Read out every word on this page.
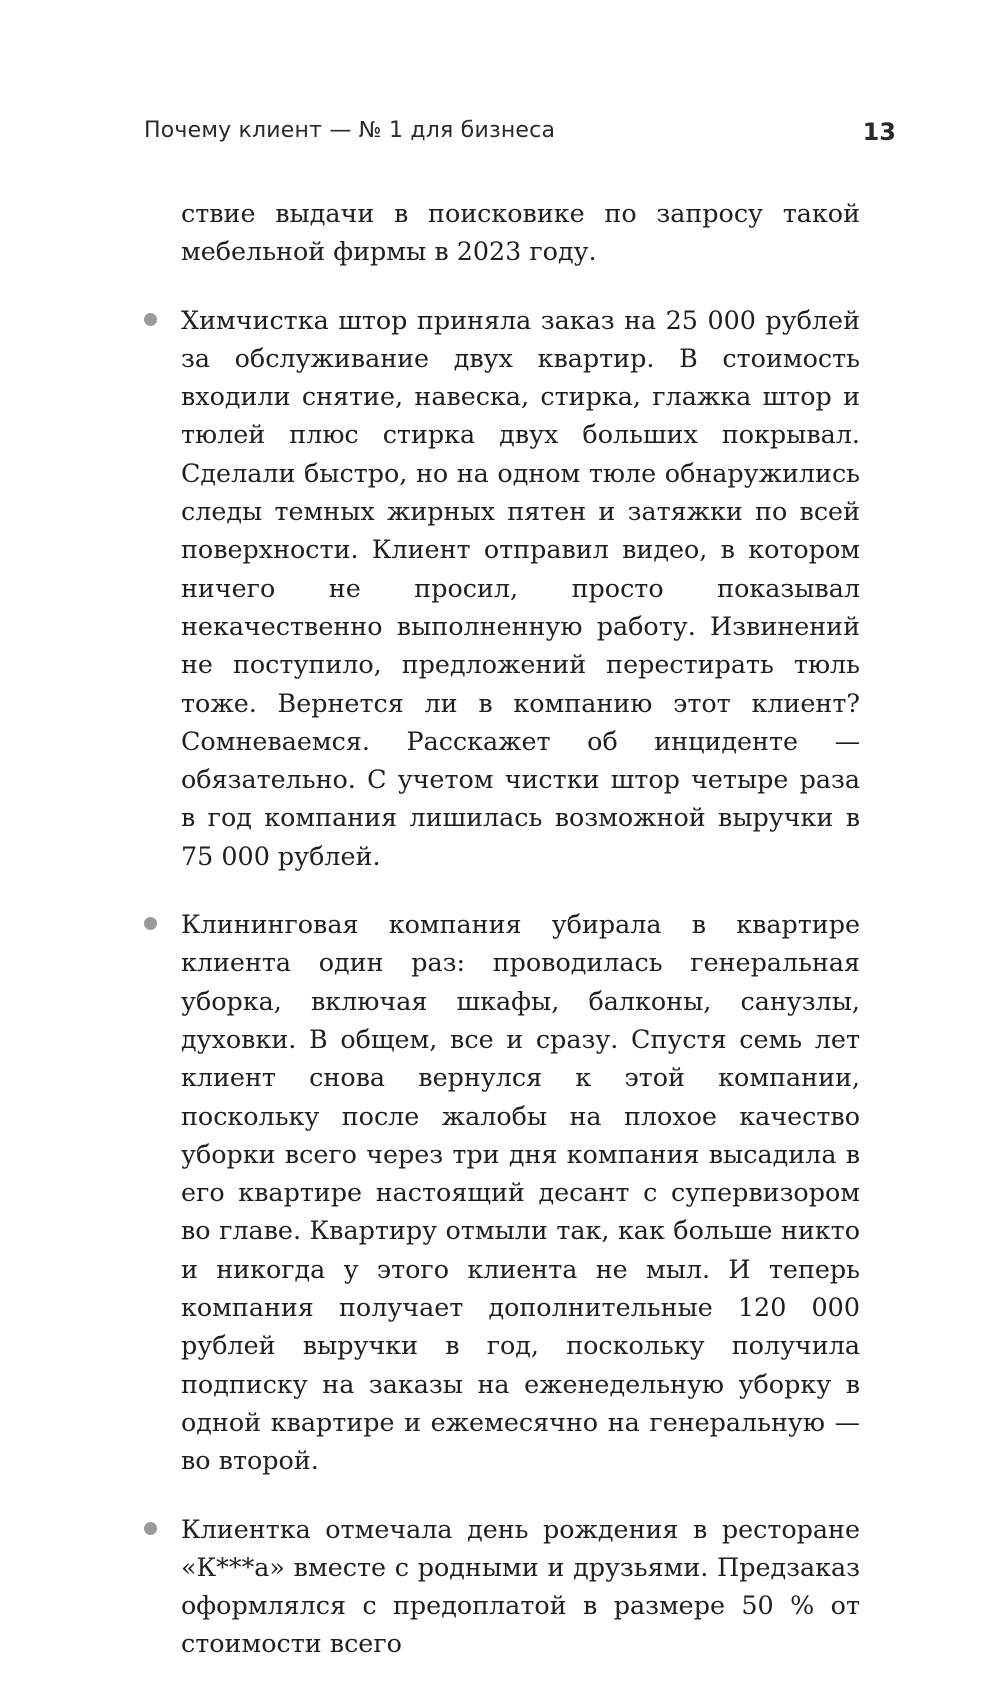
Почему клиент — № 1 для бизнеса	13

ствие выдачи в поисковике по запросу такой мебельной фирмы в 2023 году.

Химчистка штор приняла заказ на 25 000 рублей за обслуживание двух квартир. В стоимость входили снятие, навеска, стирка, глажка штор и тюлей плюс стирка двух больших покрывал. Сделали быстро, но на одном тюле обнаружились следы темных жирных пятен и затяжки по всей поверхности. Клиент отправил видео, в котором ничего не просил, просто показывал некачественно выполненную работу. Извинений не поступило, предложений перестирать тюль тоже. Вернется ли в компанию этот клиент? Сомневаемся. Расскажет об инциденте — обязательно. С учетом чистки штор четыре раза в год компания лишилась возможной выручки в 75 000 рублей.
Клининговая компания убирала в квартире клиента один раз: проводилась генеральная уборка, включая шкафы, балконы, санузлы, духовки. В общем, все и сразу. Спустя семь лет клиент снова вернулся к этой компании, поскольку после жалобы на плохое качество уборки всего через три дня компания высадила в его квартире настоящий десант с супервизором во главе. Квартиру отмыли так, как больше никто и никогда у этого клиента не мыл. И теперь компания получает дополнительные 120 000 рублей выручки в год, поскольку получила подписку на заказы на еженедельную уборку в одной квартире и ежемесячно на генеральную — во второй.
Клиентка отмечала день рождения в ресторане «К***а» вместе с родными и друзьями. Предзаказ оформлялся с предоплатой в размере 50 % от стоимости всего
